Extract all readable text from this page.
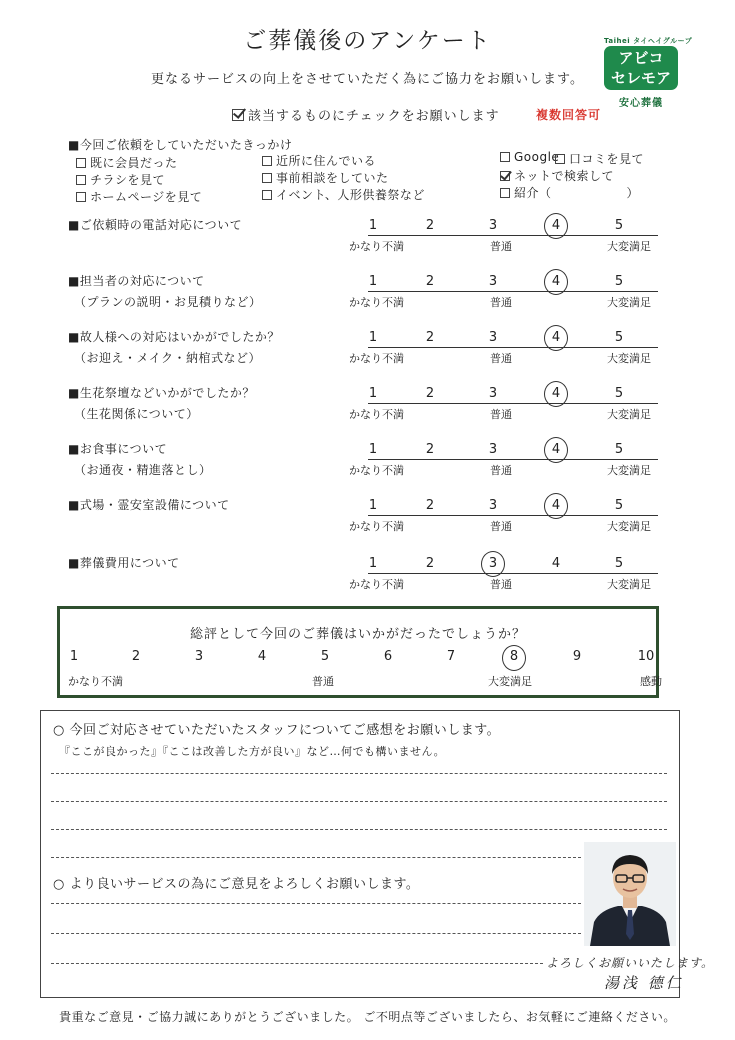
ご葬儀後のアンケート
更なるサービスの向上をさせていただく為にご協力をお願いします。
該当するものにチェックをお願いします	複数回答可
Taihei タイヘイグループ
アビコ
セレモア
安心葬儀
■今回ご依頼をしていただいたきっかけ
既に会員だった
チラシを見て
ホームページを見て
近所に住んでいる
事前相談をしていた
イベント、人形供養祭など
Google 口コミを見て
ネットで検索して
紹介（　　　　　　）
■ご依頼時の電話対応について	1	2	3	4	5
かなり不満	普通	大変満足
■担当者の対応について
（プランの説明・お見積りなど）
1	2	3	4	5
かなり不満	普通	大変満足
■故人様への対応はいかがでしたか？
（お迎え・メイク・納棺式など）
1	2	3	4	5
かなり不満	普通	大変満足
■生花祭壇などいかがでしたか？
（生花関係について）
1	2	3	4	5
かなり不満	普通	大変満足
■お食事について
（お通夜・精進落とし）
1	2	3	4	5
かなり不満	普通	大変満足
■式場・霊安室設備について	1	2	3	4	5
かなり不満	普通	大変満足
■葬儀費用について	1	2	3	4	5
かなり不満	普通	大変満足
総評として今回のご葬儀はいかがだったでしょうか？
1	2	3	4	5	6	7	8	9	10
かなり不満	普通	大変満足	感動
○ 今回ご対応させていただいたスタッフについてご感想をお願いします。
『ここが良かった』『ここは改善した方が良い』など…何でも構いません。
○ より良いサービスの為にご意見をよろしくお願いします。
よろしくお願いいたします。
湯浅 德仁
貴重なご意見・ご協力誠にありがとうございました。 ご不明点等ございましたら、お気軽にご連絡ください。
